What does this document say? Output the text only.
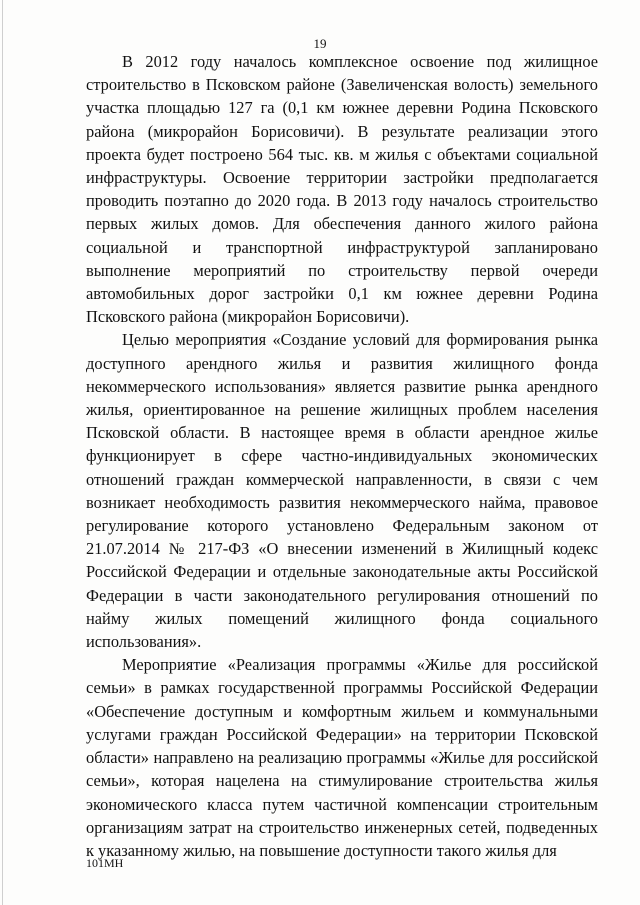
19

В 2012 году началось комплексное освоение под жилищное строительство в Псковском районе (Завеличенская волость) земельного участка площадью 127 га (0,1 км южнее деревни Родина Псковского района (микрорайон Борисовичи). В результате реализации этого проекта будет построено 564 тыс. кв. м жилья с объектами социальной инфраструктуры. Освоение территории застройки предполагается проводить поэтапно до 2020 года. В 2013 году началось строительство первых жилых домов. Для обеспечения данного жилого района социальной и транспортной инфраструктурой запланировано выполнение мероприятий по строительству первой очереди автомобильных дорог застройки 0,1 км южнее деревни Родина Псковского района (микрорайон Борисовичи).

Целью мероприятия «Создание условий для формирования рынка доступного арендного жилья и развития жилищного фонда некоммерческого использования» является развитие рынка арендного жилья, ориентированное на решение жилищных проблем населения Псковской области. В настоящее время в области арендное жилье функционирует в сфере частно-индивидуальных экономических отношений граждан коммерческой направленности, в связи с чем возникает необходимость развития некоммерческого найма, правовое регулирование которого установлено Федеральным законом от 21.07.2014 № 217-ФЗ «О внесении изменений в Жилищный кодекс Российской Федерации и отдельные законодательные акты Российской Федерации в части законодательного регулирования отношений по найму жилых помещений жилищного фонда социального использования».

Мероприятие «Реализация программы «Жилье для российской семьи» в рамках государственной программы Российской Федерации «Обеспечение доступным и комфортным жильем и коммунальными услугами граждан Российской Федерации» на территории Псковской области» направлено на реализацию программы «Жилье для российской семьи», которая нацелена на стимулирование строительства жилья экономического класса путем частичной компенсации строительным организациям затрат на строительство инженерных сетей, подведенных к указанному жилью, на повышение доступности такого жилья для

101МН
